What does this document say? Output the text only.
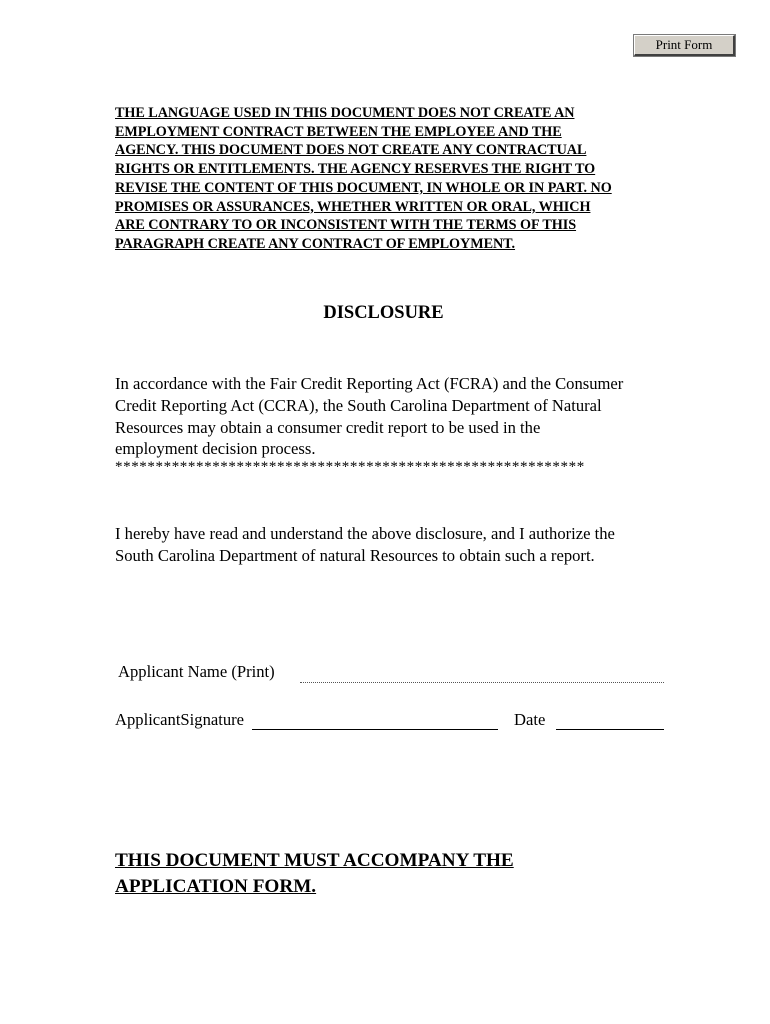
Print Form

THE LANGUAGE USED IN THIS DOCUMENT DOES NOT CREATE AN
EMPLOYMENT CONTRACT BETWEEN THE EMPLOYEE AND THE
AGENCY. THIS DOCUMENT DOES NOT CREATE ANY CONTRACTUAL
RIGHTS OR ENTITLEMENTS. THE AGENCY RESERVES THE RIGHT TO
REVISE THE CONTENT OF THIS DOCUMENT, IN WHOLE OR IN PART. NO
PROMISES OR ASSURANCES, WHETHER WRITTEN OR ORAL, WHICH
ARE CONTRARY TO OR INCONSISTENT WITH THE TERMS OF THIS
PARAGRAPH CREATE ANY CONTRACT OF EMPLOYMENT.

DISCLOSURE

In accordance with the Fair Credit Reporting Act (FCRA) and the Consumer
Credit Reporting Act (CCRA), the South Carolina Department of Natural
Resources may obtain a consumer credit report to be used in the
employment decision process.

**********************************************************

I hereby have read and understand the above disclosure, and I authorize the
South Carolina Department of natural Resources to obtain such a report.

Applicant Name (Print)
ApplicantSignature	Date

THIS DOCUMENT MUST ACCOMPANY THE
APPLICATION FORM.
